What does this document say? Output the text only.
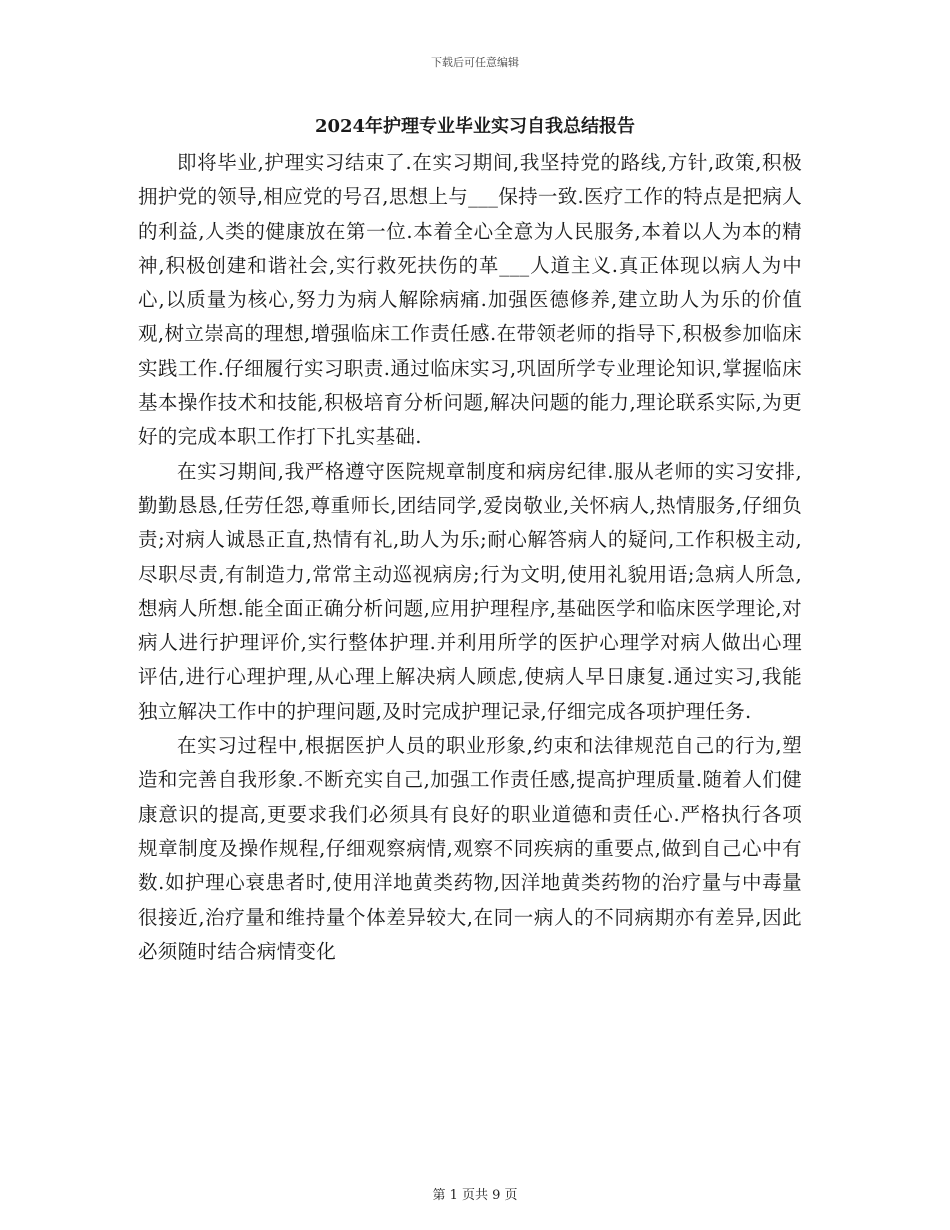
下载后可任意编辑
2024年护理专业毕业实习自我总结报告

即将毕业,护理实习结束了.在实习期间,我坚持党的路线,方针,政策,积极拥护党的领导,相应党的号召,思想上与___保持一致.医疗工作的特点是把病人的利益,人类的健康放在第一位.本着全心全意为人民服务,本着以人为本的精神,积极创建和谐社会,实行救死扶伤的革___人道主义.真正体现以病人为中心,以质量为核心,努力为病人解除病痛.加强医德修养,建立助人为乐的价值观,树立崇高的理想,增强临床工作责任感.在带领老师的指导下,积极参加临床实践工作.仔细履行实习职责.通过临床实习,巩固所学专业理论知识,掌握临床基本操作技术和技能,积极培育分析问题,解决问题的能力,理论联系实际,为更好的完成本职工作打下扎实基础.

在实习期间,我严格遵守医院规章制度和病房纪律.服从老师的实习安排,勤勤恳恳,任劳任怨,尊重师长,团结同学,爱岗敬业,关怀病人,热情服务,仔细负责;对病人诚恳正直,热情有礼,助人为乐;耐心解答病人的疑问,工作积极主动,尽职尽责,有制造力,常常主动巡视病房;行为文明,使用礼貌用语;急病人所急,想病人所想.能全面正确分析问题,应用护理程序,基础医学和临床医学理论,对病人进行护理评价,实行整体护理.并利用所学的医护心理学对病人做出心理评估,进行心理护理,从心理上解决病人顾虑,使病人早日康复.通过实习,我能独立解决工作中的护理问题,及时完成护理记录,仔细完成各项护理任务.

在实习过程中,根据医护人员的职业形象,约束和法律规范自己的行为,塑造和完善自我形象.不断充实自己,加强工作责任感,提高护理质量.随着人们健康意识的提高,更要求我们必须具有良好的职业道德和责任心.严格执行各项规章制度及操作规程,仔细观察病情,观察不同疾病的重要点,做到自己心中有数.如护理心衰患者时,使用洋地黄类药物,因洋地黄类药物的治疗量与中毒量很接近,治疗量和维持量个体差异较大,在同一病人的不同病期亦有差异,因此必须随时结合病情变化

第 1 页共 9 页
